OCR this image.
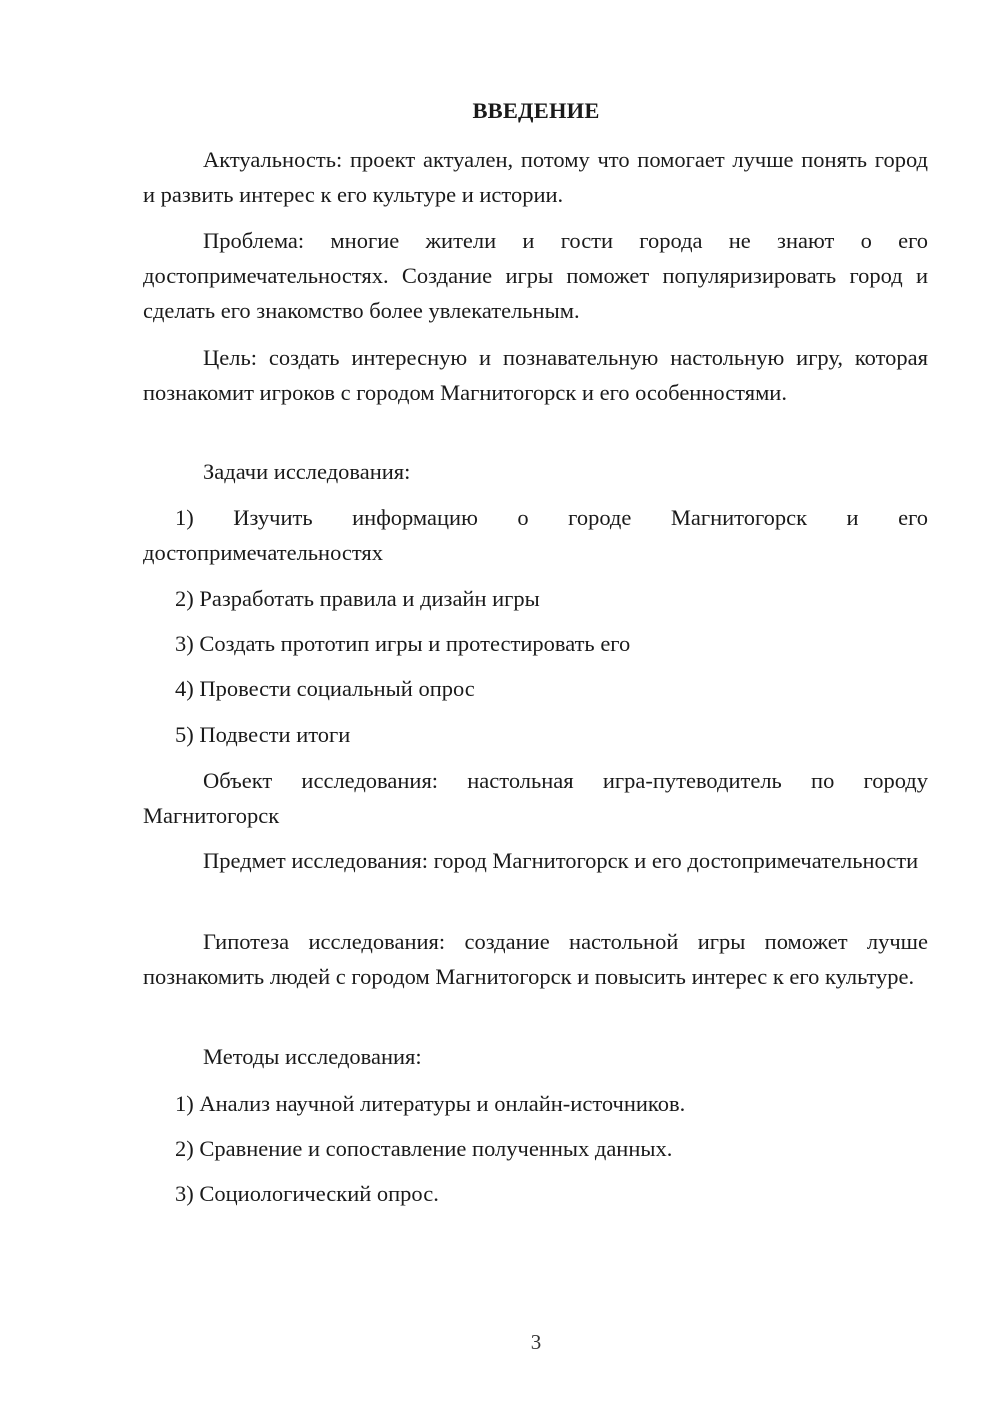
ВВЕДЕНИЕ
Актуальность: проект актуален, потому что помогает лучше понять город и развить интерес к его культуре и истории.
Проблема: многие жители и гости города не знают о его достопримечательностях. Создание игры поможет популяризировать город и сделать его знакомство более увлекательным.
Цель: создать интересную и познавательную настольную игру, которая познакомит игроков с городом Магнитогорск и его особенностями.
Задачи исследования:
1) Изучить информацию о городе Магнитогорск и его достопримечательностях
2) Разработать правила и дизайн игры
3) Создать прототип игры и протестировать его
4) Провести социальный опрос
5) Подвести итоги
Объект исследования: настольная игра-путеводитель по городу Магнитогорск
Предмет исследования: город Магнитогорск и его достопримечательности
Гипотеза исследования: создание настольной игры поможет лучше познакомить людей с городом Магнитогорск и повысить интерес к его культуре.
Методы исследования:
1) Анализ научной литературы и онлайн-источников.
2) Сравнение и сопоставление полученных данных.
3) Социологический опрос.
3
